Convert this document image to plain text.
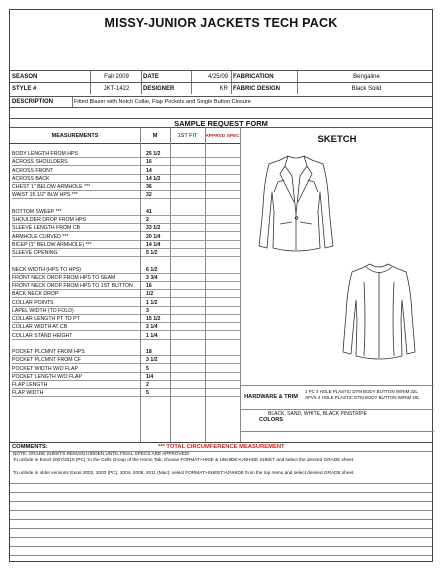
MISSY-JUNIOR JACKETS TECH PACK
SEASON	Fall 2009	DATE	4/25/09 FABRICATION	Bengaline
STYLE #	JKT-1422	DESIGNER	KR FABRIC DESIGN	Black Solid
DESCRIPTION	Fitted Blazer with Notch Collar, Flap Pockets and Single Button Closure
SAMPLE REQUEST FORM
MEASUREMENTS	M	1ST FIT	APPRVD SPEC
BODY LENGTH FROM HPS	25 1/2
ACROSS SHOULDERS	16
ACROSS FRONT	14
ACROSS BACK	14 1/2
CHEST 1" BELOW ARMHOLE ***	36
WAIST 15 1/2" BLW HPS ***	32
BOTTOM SWEEP ***	41
SHOULDER DROP FROM HPS	2
SLEEVE LENGTH FROM CB	33 1/2
ARMHOLE CURVED ***	20 1/4
BICEP (1" BELOW ARMHOLE) ***	14 1/4
SLEEVE OPENING	5 1/2
NECK WIDTH (HPS TO HPS)	6 1/2
FRONT NECK DROP FROM HPS TO SEAM	3 3/4
FRONT NECK DROP FROM HPS TO 1ST BUTTON	16
BACK NECK DROP	1/2
COLLAR POINTS	1 1/2
LAPEL WIDTH (TO FOLD)	3
COLLAR LENGTH PT TO PT	15 1/2
COLLAR WIDTH AT CB	2 1/4
COLLAR STAND HEIGHT	1 1/4
POCKET PLCMNT FROM HPS	18
POCKET PLCMNT FROM CF	3 1/2
POCKET WIDTH W/O FLAP	5
POCKET LENGTH W/O FLAP	1/4
FLAP LENGTH	2
FLAP WIDTH	5
SKETCH
HARDWARE & TRIM
1 PC 4 HOLE PLASTIC DTM BODY BUTTON W/RIM 32L
SPVS 4 HOLE PLASTIC DTM BODY BUTTON W/RIM 20L
BLACK, SAND, WHITE, BLACK PINSTRIPE
COLORS
COMMENTS:	*** TOTAL CIRCUMFERENCE MEASUREMENT
NOTE: GRADE SHEETS REMAIN HIDDEN UNTIL FINAL SPECS ARE APPROVED!
To unhide in Excel 2007/2010 (PC): In the Cells Group of the Home Tab, choose FORMAT>HIDE & UNHIDE>UNHIDE SHEET and select the desired GRADE sheet.
To unhide in older versions Excel 2002, 2003 (PC), 2004, 2008, 2011 (Mac): select FORMAT>SHEET>UNHIDE from the top menu and select desired GRADE sheet.
